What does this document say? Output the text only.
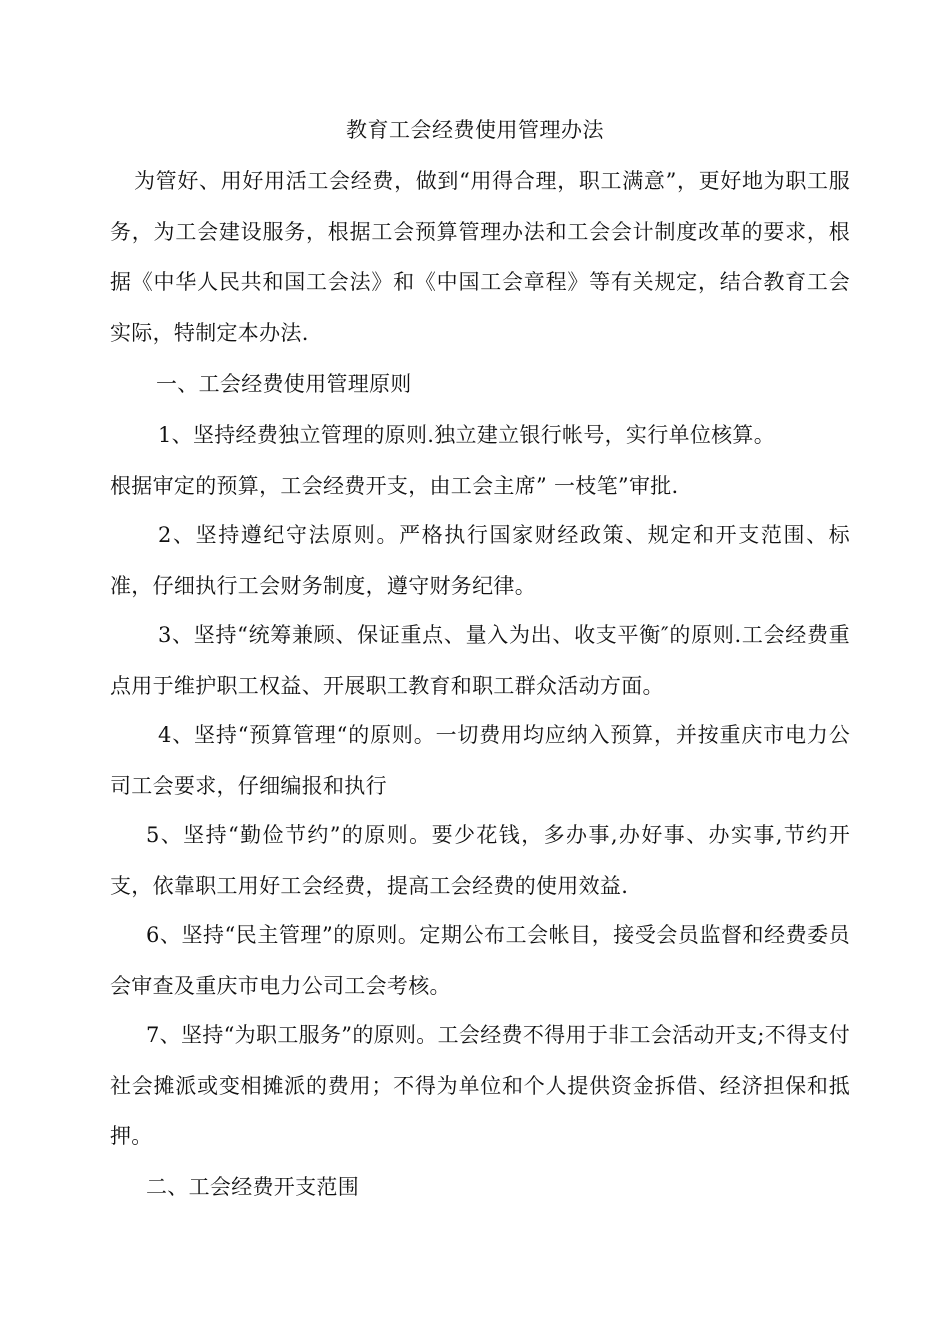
教育工会经费使用管理办法
为管好、用好用活工会经费，做到“用得合理，职工满意”，更好地为职工服务，为工会建设服务，根据工会预算管理办法和工会会计制度改革的要求，根据《中华人民共和国工会法》和《中国工会章程》等有关规定，结合教育工会实际，特制定本办法.
一、工会经费使用管理原则
1、坚持经费独立管理的原则.独立建立银行帐号，实行单位核算。
根据审定的预算，工会经费开支，由工会主席” 一枝笔”审批.
2、坚持遵纪守法原则。严格执行国家财经政策、规定和开支范围、标准，仔细执行工会财务制度，遵守财务纪律。
3、坚持“统筹兼顾、保证重点、量入为出、收支平衡″的原则.工会经费重点用于维护职工权益、开展职工教育和职工群众活动方面。
4、坚持“预算管理“的原则。一切费用均应纳入预算，并按重庆市电力公司工会要求，仔细编报和执行
5、坚持“勤俭节约”的原则。要少花钱，多办事,办好事、办实事,节约开支，依靠职工用好工会经费，提高工会经费的使用效益.
6、坚持“民主管理”的原则。定期公布工会帐目，接受会员监督和经费委员会审查及重庆市电力公司工会考核。
7、坚持“为职工服务”的原则。工会经费不得用于非工会活动开支;不得支付社会摊派或变相摊派的费用；不得为单位和个人提供资金拆借、经济担保和抵押。
二、工会经费开支范围
